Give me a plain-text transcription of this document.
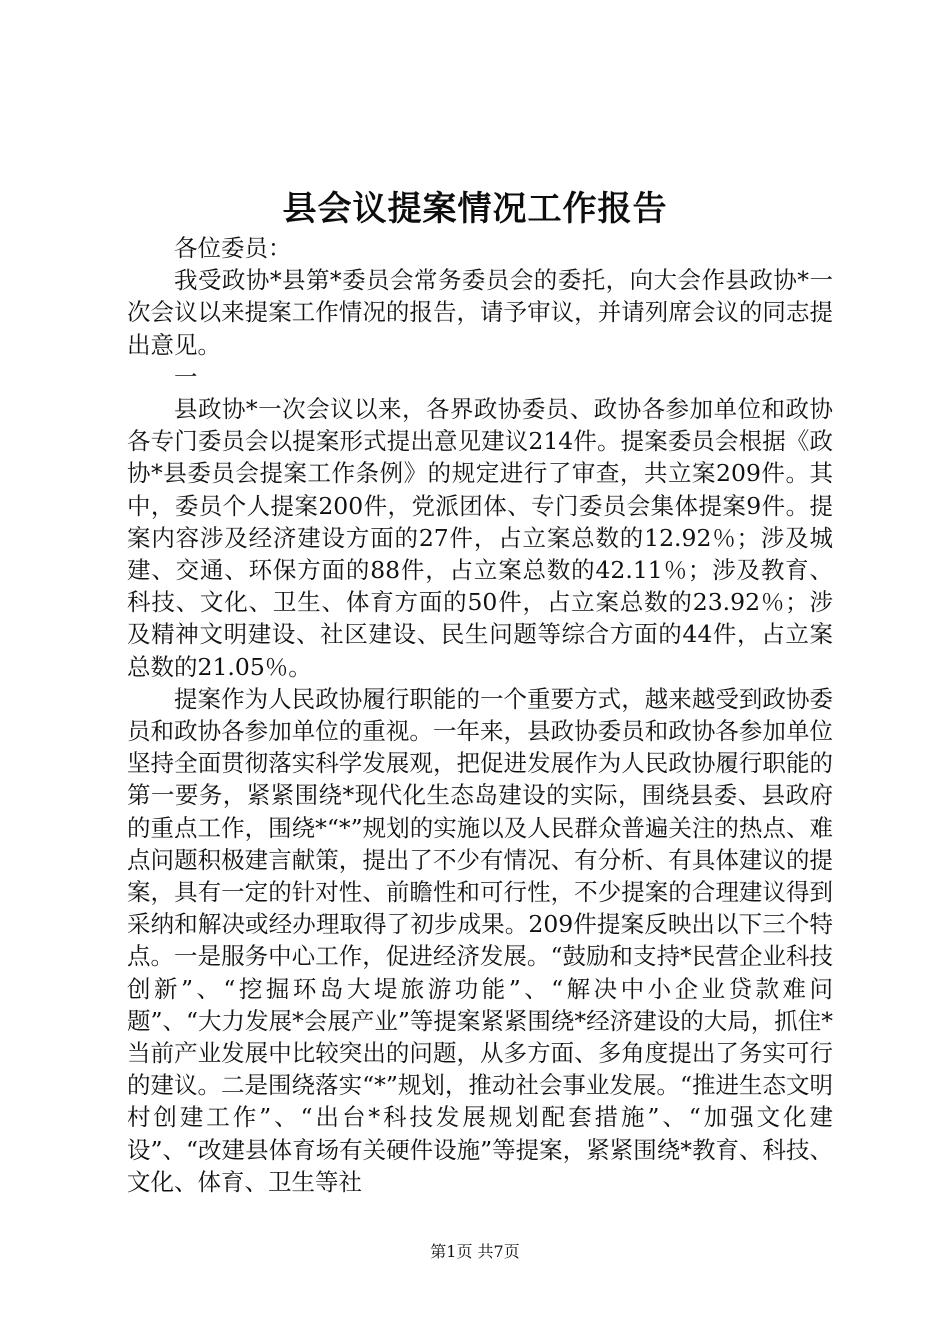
县会议提案情况工作报告

各位委员：

我受政协*县第*委员会常务委员会的委托，向大会作县政协*一次会议以来提案工作情况的报告，请予审议，并请列席会议的同志提出意见。

一

县政协*一次会议以来，各界政协委员、政协各参加单位和政协各专门委员会以提案形式提出意见建议214件。提案委员会根据《政协*县委员会提案工作条例》的规定进行了审查，共立案209件。其中，委员个人提案200件，党派团体、专门委员会集体提案9件。提案内容涉及经济建设方面的27件，占立案总数的12.92％；涉及城建、交通、环保方面的88件，占立案总数的42.11％；涉及教育、科技、文化、卫生、体育方面的50件，占立案总数的23.92％；涉及精神文明建设、社区建设、民生问题等综合方面的44件，占立案总数的21.05％。

提案作为人民政协履行职能的一个重要方式，越来越受到政协委员和政协各参加单位的重视。一年来，县政协委员和政协各参加单位坚持全面贯彻落实科学发展观，把促进发展作为人民政协履行职能的第一要务，紧紧围绕*现代化生态岛建设的实际，围绕县委、县政府的重点工作，围绕*“*”规划的实施以及人民群众普遍关注的热点、难点问题积极建言献策，提出了不少有情况、有分析、有具体建议的提案，具有一定的针对性、前瞻性和可行性，不少提案的合理建议得到采纳和解决或经办理取得了初步成果。209件提案反映出以下三个特点。一是服务中心工作，促进经济发展。“鼓励和支持*民营企业科技创新”、“挖掘环岛大堤旅游功能”、“解决中小企业贷款难问题”、“大力发展*会展产业”等提案紧紧围绕*经济建设的大局，抓住*当前产业发展中比较突出的问题，从多方面、多角度提出了务实可行的建议。二是围绕落实“*”规划，推动社会事业发展。“推进生态文明村创建工作”、“出台*科技发展规划配套措施”、“加强文化建设”、“改建县体育场有关硬件设施”等提案，紧紧围绕*教育、科技、文化、体育、卫生等社

第1页 共7页
